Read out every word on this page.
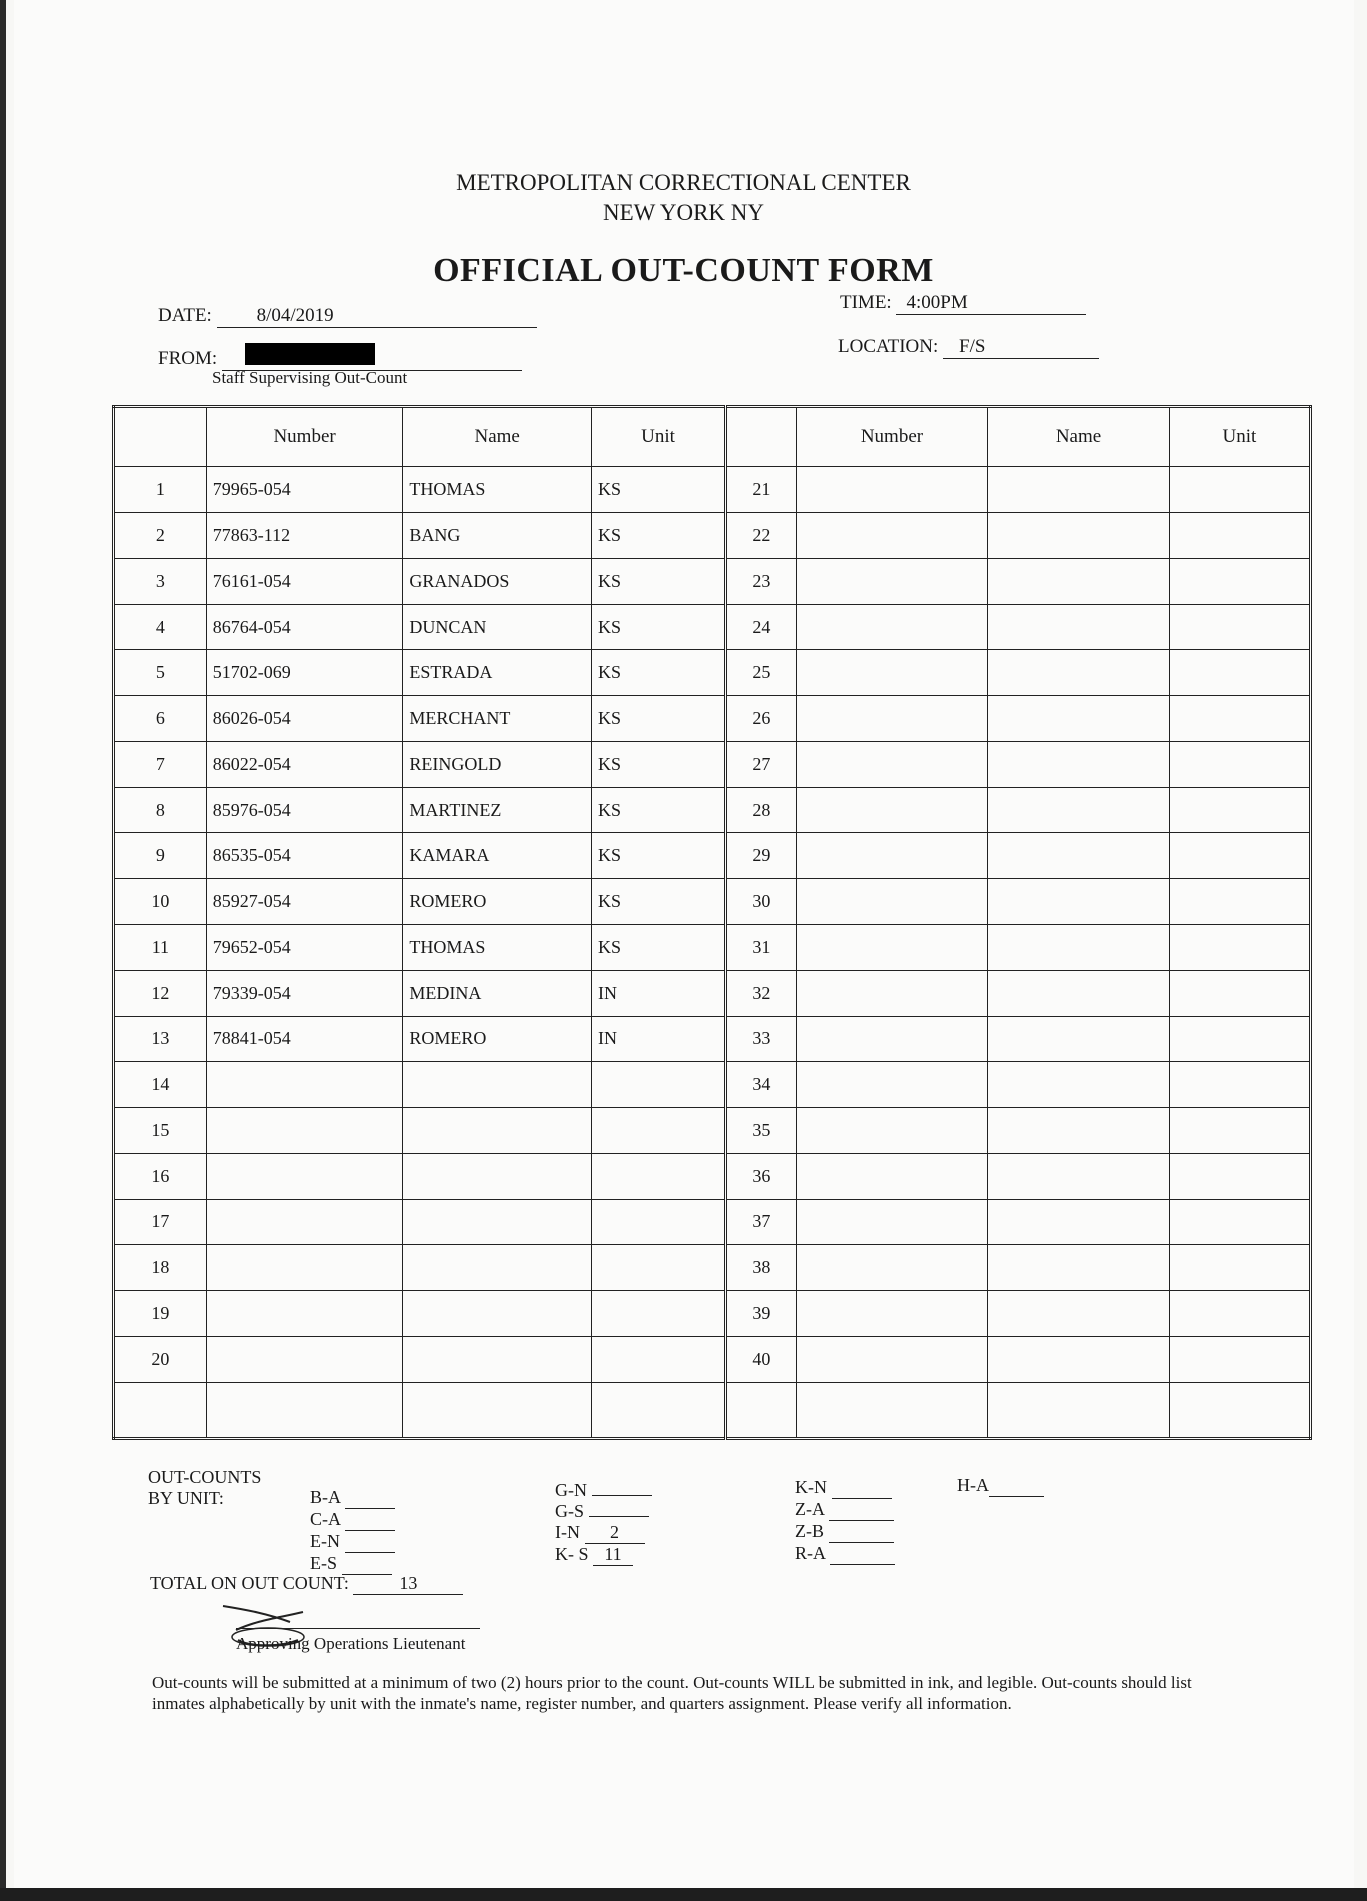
METROPOLITAN CORRECTIONAL CENTER
NEW YORK NY
OFFICIAL OUT-COUNT FORM
DATE: 8/04/2019
TIME: 4:00PM
LOCATION: F/S
FROM:
Staff Supervising Out-Count
	Number	Name	Unit		Number	Name	Unit
1	79965-054	THOMAS	KS	21			
2	77863-112	BANG	KS	22			
3	76161-054	GRANADOS	KS	23			
4	86764-054	DUNCAN	KS	24			
5	51702-069	ESTRADA	KS	25			
6	86026-054	MERCHANT	KS	26			
7	86022-054	REINGOLD	KS	27			
8	85976-054	MARTINEZ	KS	28			
9	86535-054	KAMARA	KS	29			
10	85927-054	ROMERO	KS	30			
11	79652-054	THOMAS	KS	31			
12	79339-054	MEDINA	IN	32			
13	78841-054	ROMERO	IN	33			
14				34			
15				35			
16				36			
17				37			
18				38			
19				39			
20				40			

OUT-COUNTS
BY UNIT:	B-A
C-A
E-N
E-S
G-N
G-S
I-N 2
K- S 11
K-N
Z-A
Z-B
R-A
H-A
TOTAL ON OUT COUNT:	13
Approving Operations Lieutenant
Out-counts will be submitted at a minimum of two (2) hours prior to the count. Out-counts WILL be submitted in ink, and legible. Out-counts should list inmates alphabetically by unit with the inmate's name, register number, and quarters assignment. Please verify all information.
